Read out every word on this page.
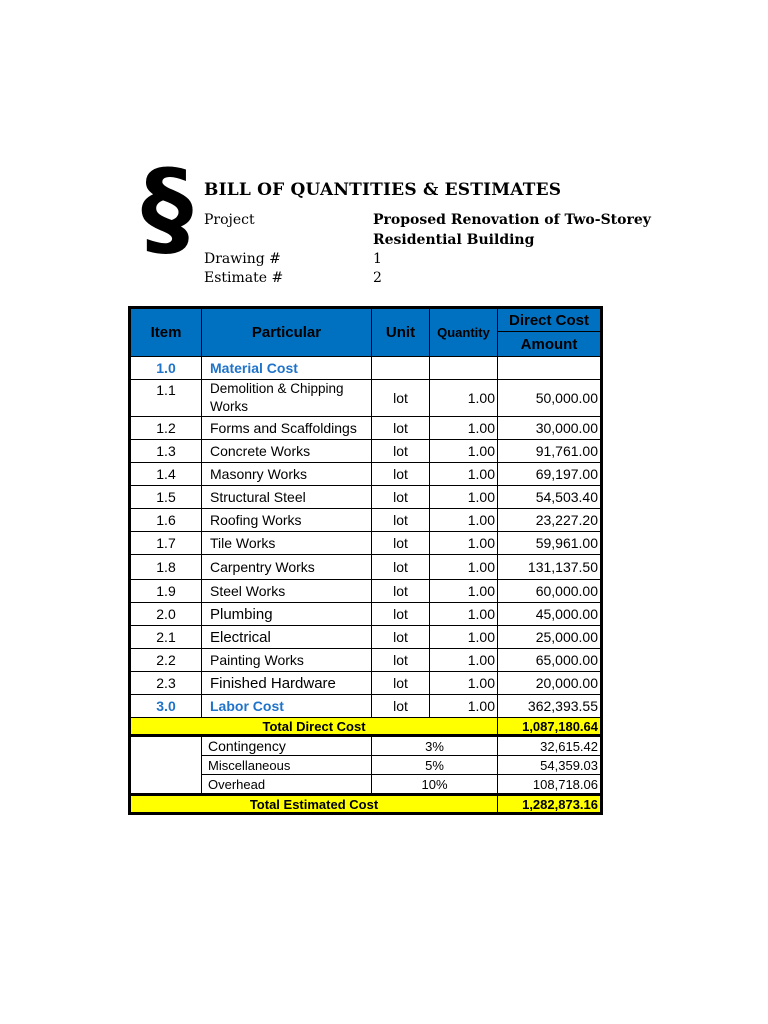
§ BILL OF QUANTITIES & ESTIMATES
Project	Proposed Renovation of Two-Storey
Residential Building
Drawing #	1
Estimate #	2
Item	Particular	Unit	Quantity	Direct Cost
				Amount
1.0	Material Cost			
1.1	Demolition & Chipping Works	lot	1.00	50,000.00
1.2	Forms and Scaffoldings	lot	1.00	30,000.00
1.3	Concrete Works	lot	1.00	91,761.00
1.4	Masonry Works	lot	1.00	69,197.00
1.5	Structural Steel	lot	1.00	54,503.40
1.6	Roofing Works	lot	1.00	23,227.20
1.7	Tile Works	lot	1.00	59,961.00
1.8	Carpentry Works	lot	1.00	131,137.50
1.9	Steel Works	lot	1.00	60,000.00
2.0	Plumbing	lot	1.00	45,000.00
2.1	Electrical	lot	1.00	25,000.00
2.2	Painting Works	lot	1.00	65,000.00
2.3	Finished Hardware	lot	1.00	20,000.00
3.0	Labor Cost	lot	1.00	362,393.55
Total Direct Cost				1,087,180.64
	Contingency	3%		32,615.42
	Miscellaneous	5%		54,359.03
	Overhead	10%		108,718.06
Total Estimated Cost				1,282,873.16
